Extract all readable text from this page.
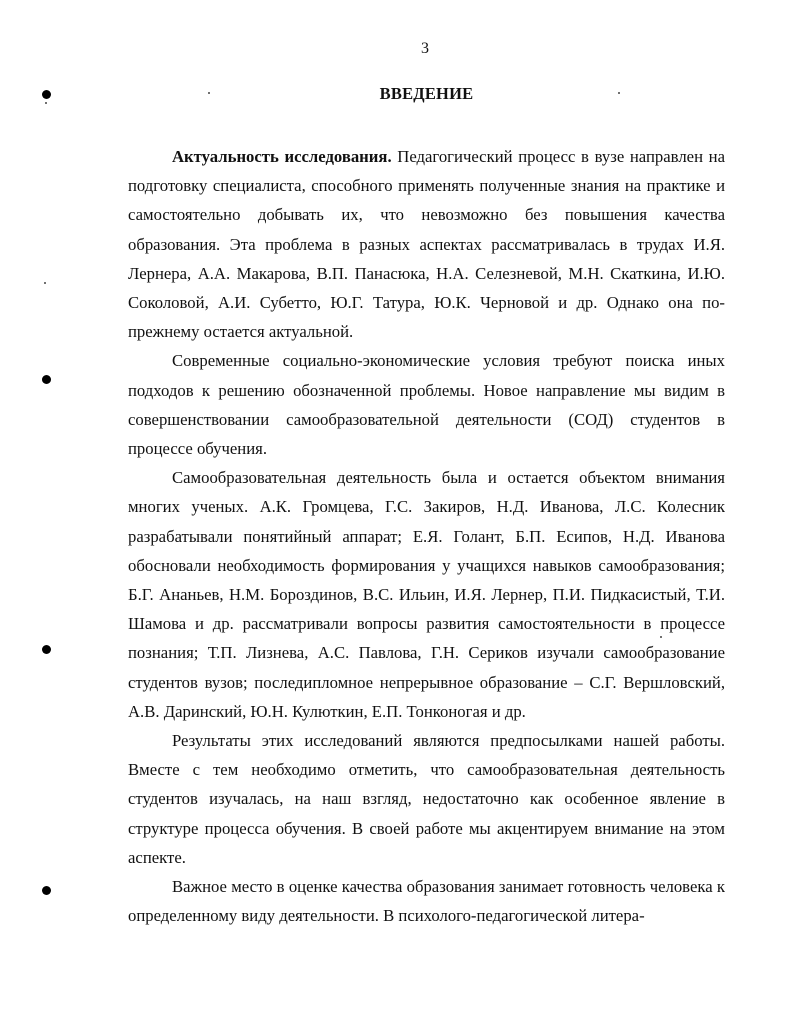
3
ВВЕДЕНИЕ

Актуальность исследования. Педагогический процесс в вузе направлен на подготовку специалиста, способного применять полученные знания на практике и самостоятельно добывать их, что невозможно без повышения качества образования. Эта проблема в разных аспектах рассматривалась в трудах И.Я. Лернера, А.А. Макарова, В.П. Панасюка, Н.А. Селезневой, М.Н. Скаткина, И.Ю. Соколовой, А.И. Субетто, Ю.Г. Татура, Ю.К. Черновой и др. Однако она по-прежнему остается актуальной.

Современные социально-экономические условия требуют поиска иных подходов к решению обозначенной проблемы. Новое направление мы видим в совершенствовании самообразовательной деятельности (СОД) студентов в процессе обучения.

Самообразовательная деятельность была и остается объектом внимания многих ученых. А.К. Громцева, Г.С. Закиров, Н.Д. Иванова, Л.С. Колесник разрабатывали понятийный аппарат; Е.Я. Голант, Б.П. Есипов, Н.Д. Иванова обосновали необходимость формирования у учащихся навыков самообразования; Б.Г. Ананьев, Н.М. Бороздинов, В.С. Ильин, И.Я. Лернер, П.И. Пидкасистый, Т.И. Шамова и др. рассматривали вопросы развития самостоятельности в процессе познания; Т.П. Лизнева, А.С. Павлова, Г.Н. Сериков изучали самообразование студентов вузов; последипломное непрерывное образование – С.Г. Вершловский, А.В. Даринский, Ю.Н. Кулюткин, Е.П. Тонконогая и др.

Результаты этих исследований являются предпосылками нашей работы. Вместе с тем необходимо отметить, что самообразовательная деятельность студентов изучалась, на наш взгляд, недостаточно как особенное явление в структуре процесса обучения. В своей работе мы акцентируем внимание на этом аспекте.

Важное место в оценке качества образования занимает готовность человека к определенному виду деятельности. В психолого-педагогической литера-
